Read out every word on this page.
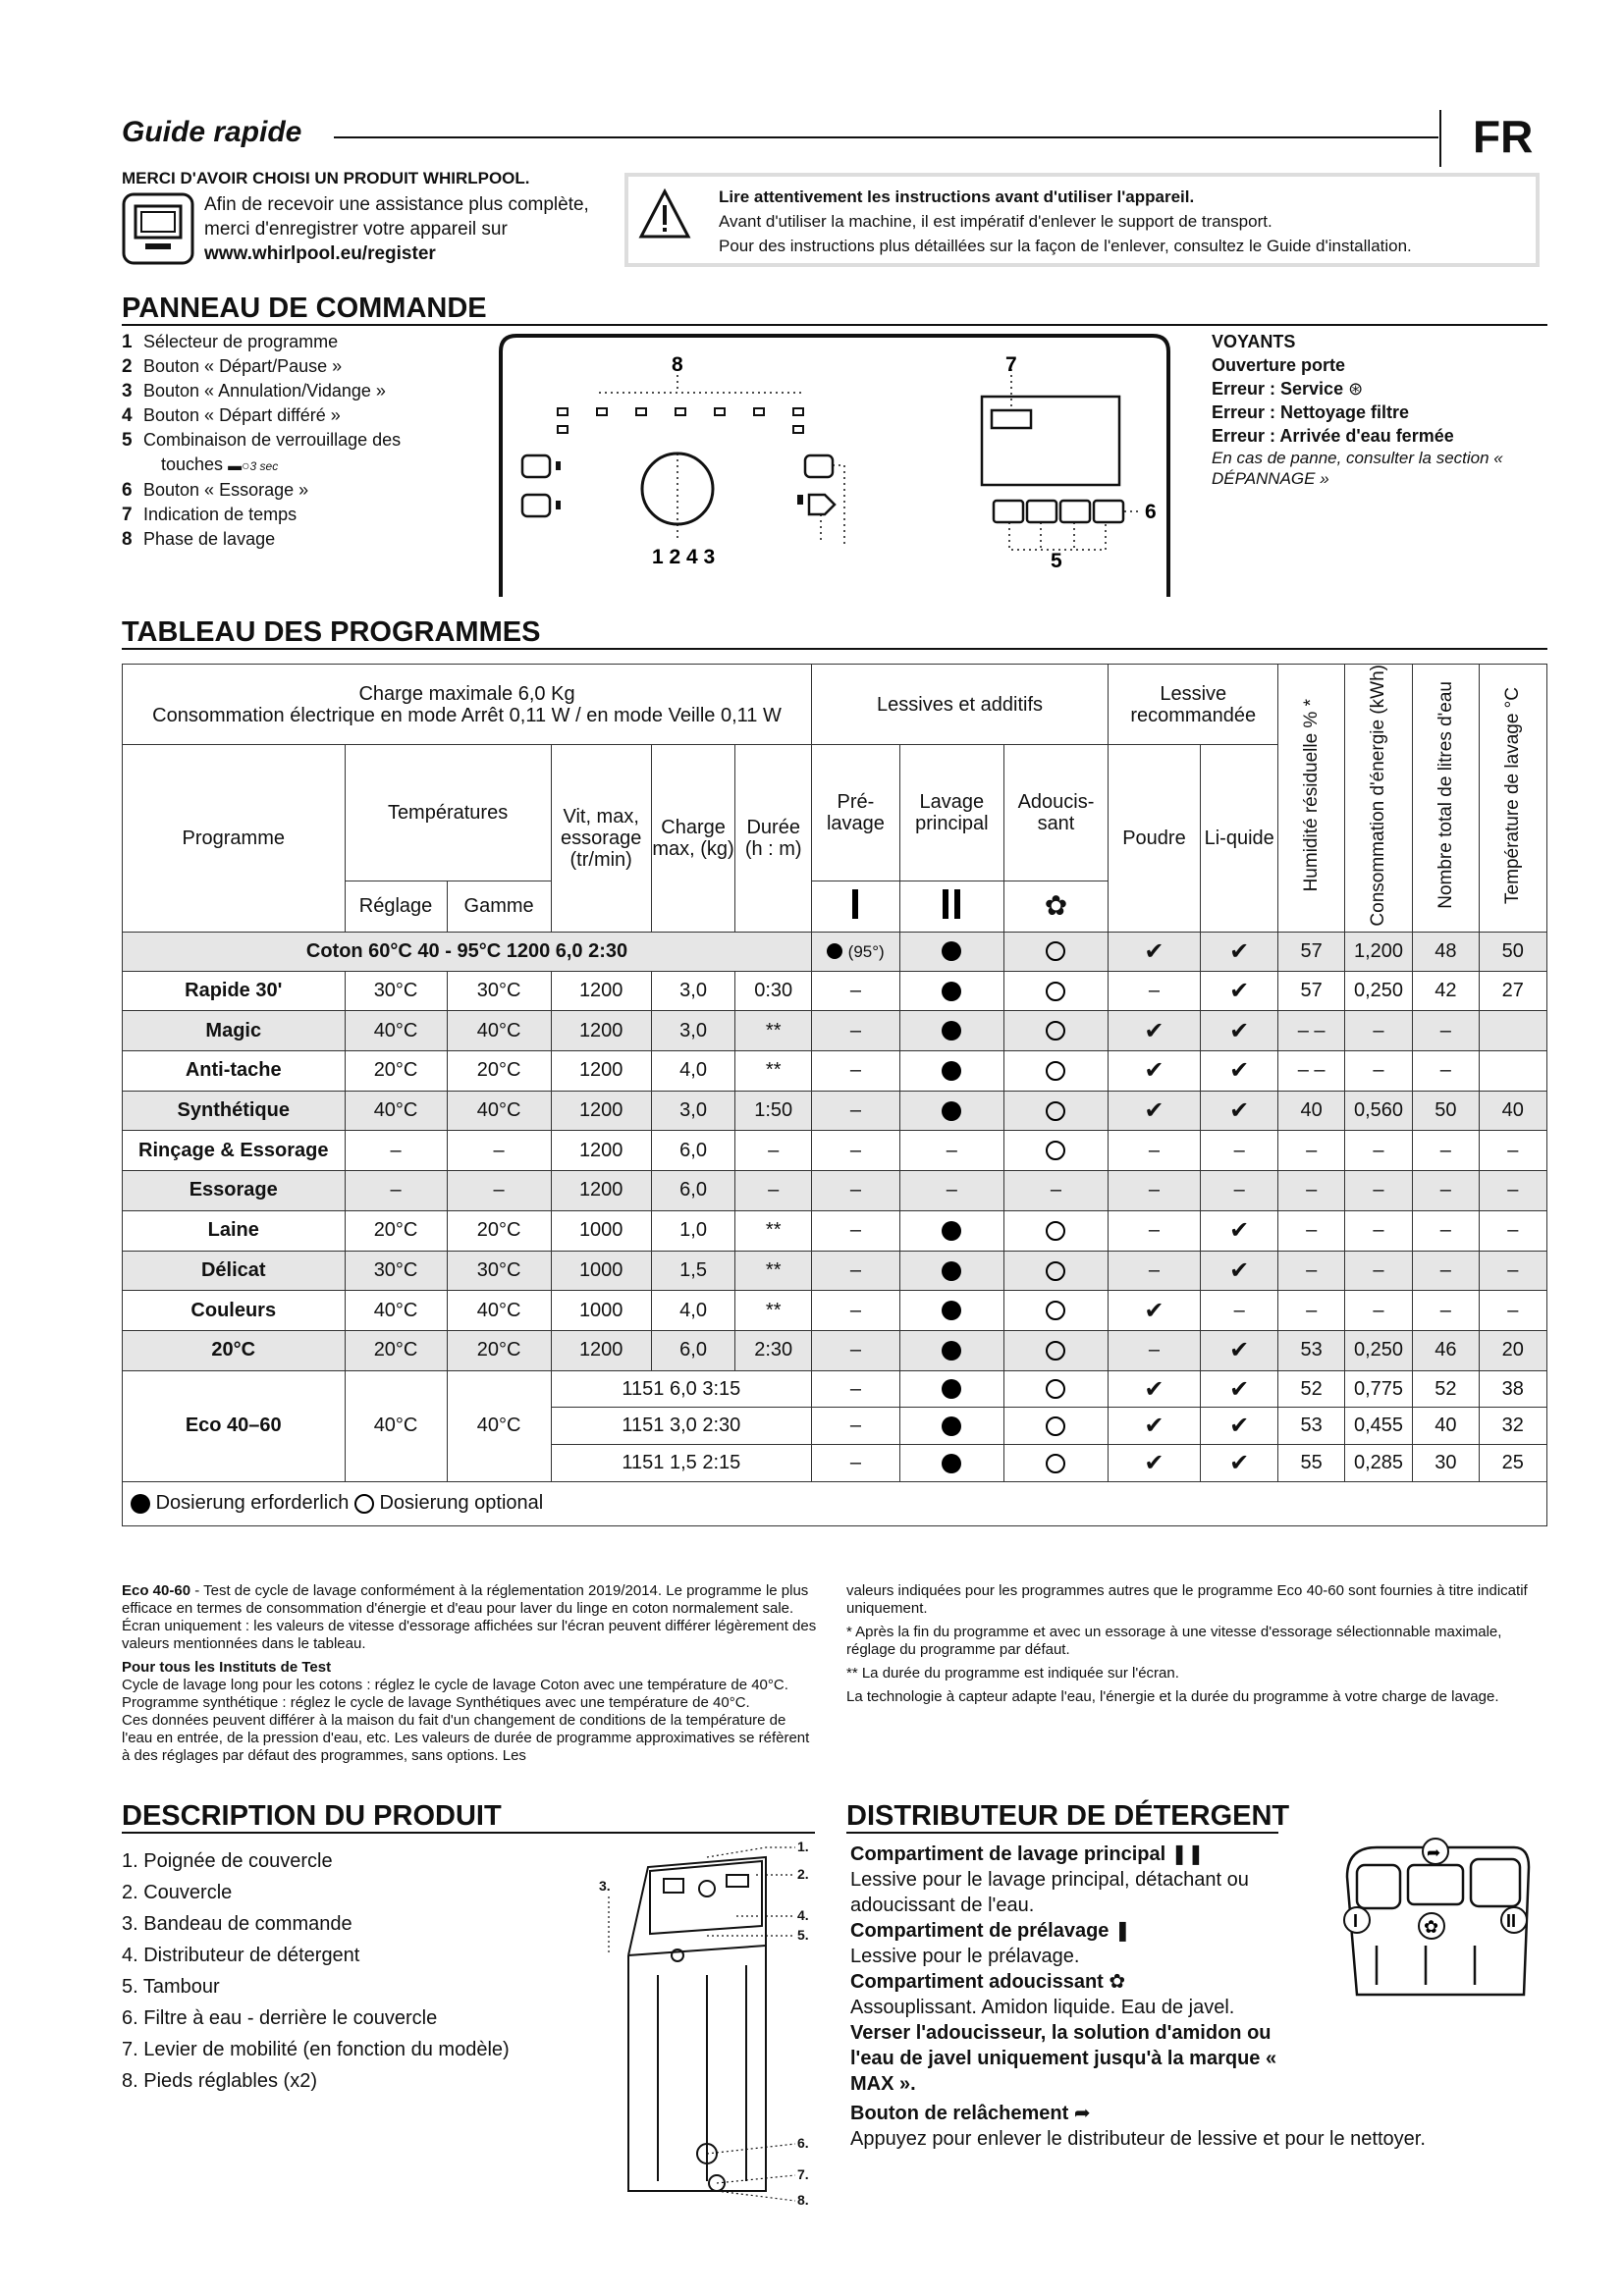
Guide rapide	FR
MERCI D'AVOIR CHOISI UN PRODUIT WHIRLPOOL.
Afin de recevoir une assistance plus complète, merci d'enregistrer votre appareil sur www.whirlpool.eu/register
Lire attentivement les instructions avant d'utiliser l'appareil.
Avant d'utiliser la machine, il est impératif d'enlever le support de transport.
Pour des instructions plus détaillées sur la façon de l'enlever, consultez le Guide d'installation.
PANNEAU DE COMMANDE
1 Sélecteur de programme
2 Bouton « Départ/Pause »
3 Bouton « Annulation/Vidange »
4 Bouton « Départ différé »
5 Combinaison de verrouillage des
touches ▬○3 sec
6 Bouton « Essorage »
7 Indication de temps
8 Phase de lavage
8	7
6
5
1 2 4 3
VOYANTS
Ouverture porte
Erreur : Service ⊛
Erreur : Nettoyage filtre
Erreur : Arrivée d'eau fermée
En cas de panne, consulter la section « DÉPANNAGE »
TABLEAU DES PROGRAMMES
Charge maximale 6,0 Kg
Consommation électrique en mode Arrêt 0,11 W / en mode Veille 0,11 W						Lessives et additifs			Lessive recommandée		Humidité résiduelle % *	Consommation d'énergie (kWh)	Nombre total de litres d'eau	Température de lavage °C
Programme	Températures		Vit, max, essorage (tr/min)	Charge max, (kg)	Durée (h : m)	Pré-lavage	Lavage principal	Adoucis-sant	Poudre	Li-quide				
	Réglage	Gamme						✿						
Coton 60°C 40 - 95°C 1200 6,0 2:30						(95°)			✔	✔	57	1,200	48	50
Rapide 30'	30°C	30°C	1200	3,0	0:30	–			–	✔	57	0,250	42	27
Magic	40°C	40°C	1200	3,0	**	–			✔	✔	– –	–	–	
Anti-tache	20°C	20°C	1200	4,0	**	–			✔	✔	– –	–	–	
Synthétique	40°C	40°C	1200	3,0	1:50	–			✔	✔	40	0,560	50	40
Rinçage & Essorage	–	–	1200	6,0	–	–	–		–	–	–	–	–	–
Essorage	–	–	1200	6,0	–	–	–	–	–	–	–	–	–	–
Laine	20°C	20°C	1000	1,0	**	–			–	✔	–	–	–	–
Délicat	30°C	30°C	1000	1,5	**	–			–	✔	–	–	–	–
Couleurs	40°C	40°C	1000	4,0	**	–			✔	–	–	–	–	–
20°C	20°C	20°C	1200	6,0	2:30	–			–	✔	53	0,250	46	20
Eco 40–60	40°C	40°C	1151 6,0 3:15			–			✔	✔	52	0,775	52	38
			1151 3,0 2:30			–			✔	✔	53	0,455	40	32
			1151 1,5 2:15			–			✔	✔	55	0,285	30	25
Dosierung erforderlich Dosierung optional														
Eco 40-60 - Test de cycle de lavage conformément à la réglementation 2019/2014. Le programme le plus efficace en termes de consommation d'énergie et d'eau pour laver du linge en coton normalement sale. Écran uniquement : les valeurs de vitesse d'essorage affichées sur l'écran peuvent différer légèrement des valeurs mentionnées dans le tableau.
Pour tous les Instituts de Test
Cycle de lavage long pour les cotons : réglez le cycle de lavage Coton avec une température de 40°C.
Programme synthétique : réglez le cycle de lavage Synthétiques avec une température de 40°C.
Ces données peuvent différer à la maison du fait d'un changement de conditions de la température de l'eau en entrée, de la pression d'eau, etc. Les valeurs de durée de programme approximatives se réfèrent à des réglages par défaut des programmes, sans options. Les
valeurs indiquées pour les programmes autres que le programme Eco 40-60 sont fournies à titre indicatif uniquement.
* Après la fin du programme et avec un essorage à une vitesse d'essorage sélectionnable maximale, réglage du programme par défaut.
** La durée du programme est indiquée sur l'écran.
La technologie à capteur adapte l'eau, l'énergie et la durée du programme à votre charge de lavage.
DESCRIPTION DU PRODUIT
1. Poignée de couvercle
2. Couvercle
3. Bandeau de commande
4. Distributeur de détergent
5. Tambour
6. Filtre à eau - derrière le couvercle
7. Levier de mobilité (en fonction du modèle)
8. Pieds réglables (x2)
1.
2.
3.
4.
5.
6.
7.
8.
DISTRIBUTEUR DE DÉTERGENT
Compartiment de lavage principal ❚❚
Lessive pour le lavage principal, détachant ou adoucissant de l'eau.
Compartiment de prélavage ❚
Lessive pour le prélavage.
Compartiment adoucissant ✿
Assouplissant. Amidon liquide. Eau de javel.
Verser l'adoucisseur, la solution d'amidon ou l'eau de javel uniquement jusqu'à la marque « MAX ».
Bouton de relâchement ➦
Appuyez pour enlever le distributeur de lessive et pour le nettoyer.
I	✿	II
➦
